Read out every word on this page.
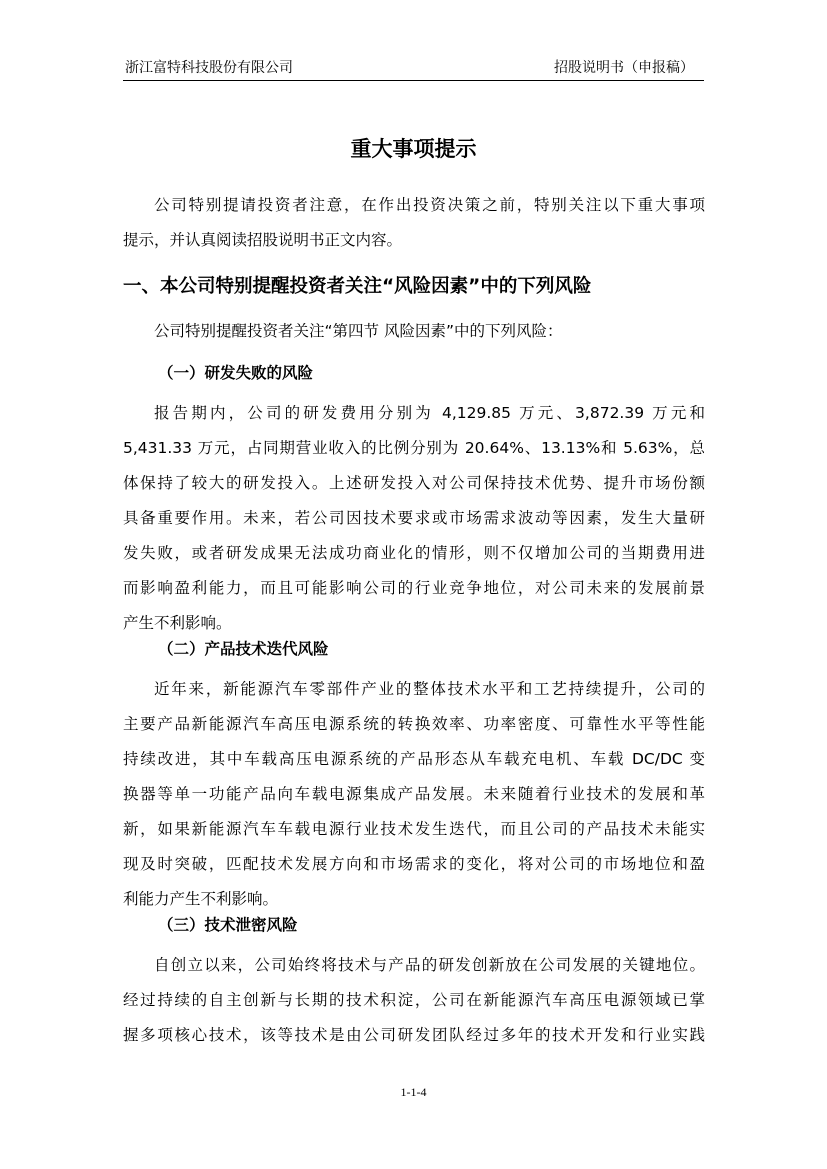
浙江富特科技股份有限公司	招股说明书（申报稿）
重大事项提示
公司特别提请投资者注意，在作出投资决策之前，特别关注以下重大事项
提示，并认真阅读招股说明书正文内容。
一、本公司特别提醒投资者关注“风险因素”中的下列风险
公司特别提醒投资者关注“第四节 风险因素”中的下列风险：
（一）研发失败的风险
报告期内，公司的研发费用分别为 4,129.85 万元、3,872.39 万元和
5,431.33 万元，占同期营业收入的比例分别为 20.64%、13.13%和 5.63%，总
体保持了较大的研发投入。上述研发投入对公司保持技术优势、提升市场份额
具备重要作用。未来，若公司因技术要求或市场需求波动等因素，发生大量研
发失败，或者研发成果无法成功商业化的情形，则不仅增加公司的当期费用进
而影响盈利能力，而且可能影响公司的行业竞争地位，对公司未来的发展前景
产生不利影响。
（二）产品技术迭代风险
近年来，新能源汽车零部件产业的整体技术水平和工艺持续提升，公司的
主要产品新能源汽车高压电源系统的转换效率、功率密度、可靠性水平等性能
持续改进，其中车载高压电源系统的产品形态从车载充电机、车载 DC/DC 变
换器等单一功能产品向车载电源集成产品发展。未来随着行业技术的发展和革
新，如果新能源汽车车载电源行业技术发生迭代，而且公司的产品技术未能实
现及时突破，匹配技术发展方向和市场需求的变化，将对公司的市场地位和盈
利能力产生不利影响。
（三）技术泄密风险
自创立以来，公司始终将技术与产品的研发创新放在公司发展的关键地位。
经过持续的自主创新与长期的技术积淀，公司在新能源汽车高压电源领域已掌
握多项核心技术，该等技术是由公司研发团队经过多年的技术开发和行业实践
1-1-4
